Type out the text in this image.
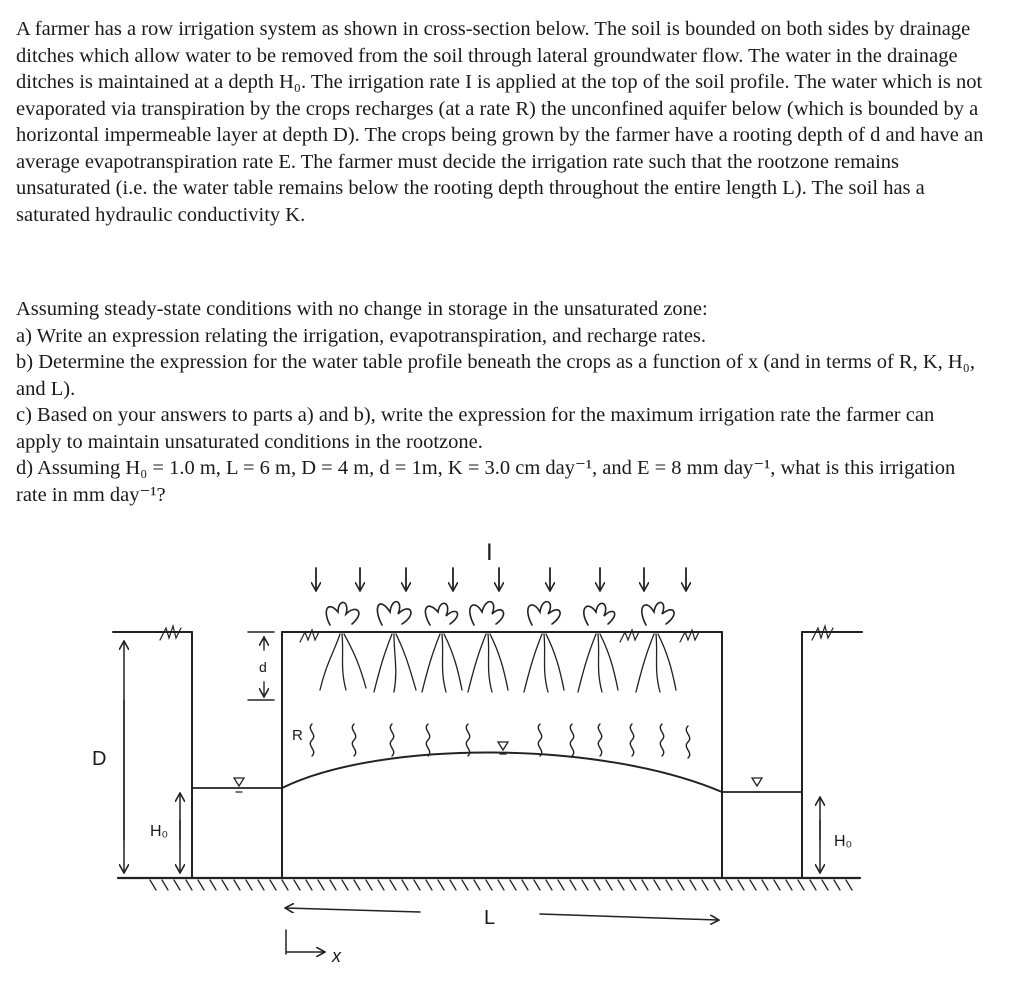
A farmer has a row irrigation system as shown in cross-section below. The soil is bounded on both sides by drainage ditches which allow water to be removed from the soil through lateral groundwater flow. The water in the drainage ditches is maintained at a depth H₀. The irrigation rate I is applied at the top of the soil profile. The water which is not evaporated via transpiration by the crops recharges (at a rate R) the unconfined aquifer below (which is bounded by a horizontal impermeable layer at depth D). The crops being grown by the farmer have a rooting depth of d and have an average evapotranspiration rate E. The farmer must decide the irrigation rate such that the rootzone remains unsaturated (i.e. the water table remains below the rooting depth throughout the entire length L). The soil has a saturated hydraulic conductivity K.

Assuming steady-state conditions with no change in storage in the unsaturated zone:

a) Write an expression relating the irrigation, evapotranspiration, and recharge rates.

b) Determine the expression for the water table profile beneath the crops as a function of x (and in terms of R, K, H₀, and L).

c) Based on your answers to parts a) and b), write the expression for the maximum irrigation rate the farmer can apply to maintain unsaturated conditions in the rootzone.

d) Assuming H₀ = 1.0 m, L = 6 m, D = 4 m, d = 1m, K = 3.0 cm day⁻¹, and E = 8 mm day⁻¹, what is this irrigation rate in mm day⁻¹?

I
d
R
D
H₀
H₀
L
x
